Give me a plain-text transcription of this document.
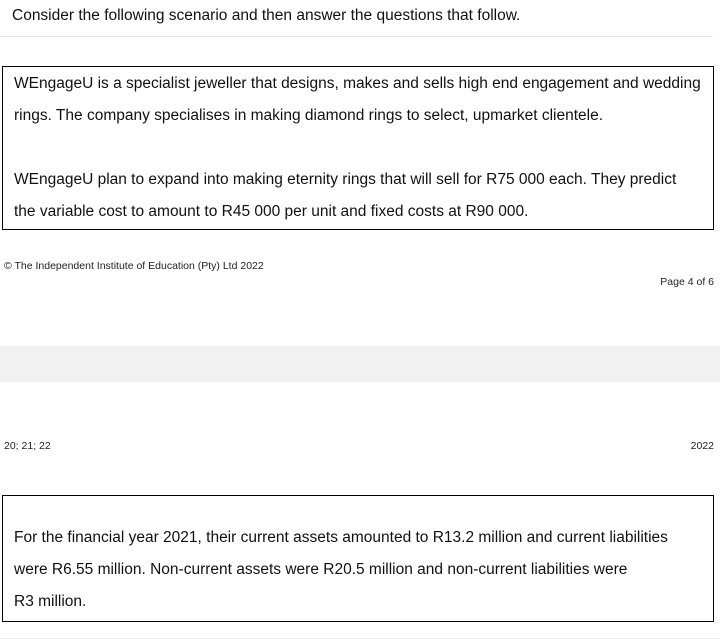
Consider the following scenario and then answer the questions that follow.

WEngageU is a specialist jeweller that designs, makes and sells high end engagement and wedding

rings. The company specialises in making diamond rings to select, upmarket clientele.

WEngageU plan to expand into making eternity rings that will sell for R75 000 each. They predict

the variable cost to amount to R45 000 per unit and fixed costs at R90 000.

© The Independent Institute of Education (Pty) Ltd 2022
Page 4 of 6
20; 21; 22	2022

For the financial year 2021, their current assets amounted to R13.2 million and current liabilities

were R6.55 million. Non-current assets were R20.5 million and non-current liabilities were

R3 million.
